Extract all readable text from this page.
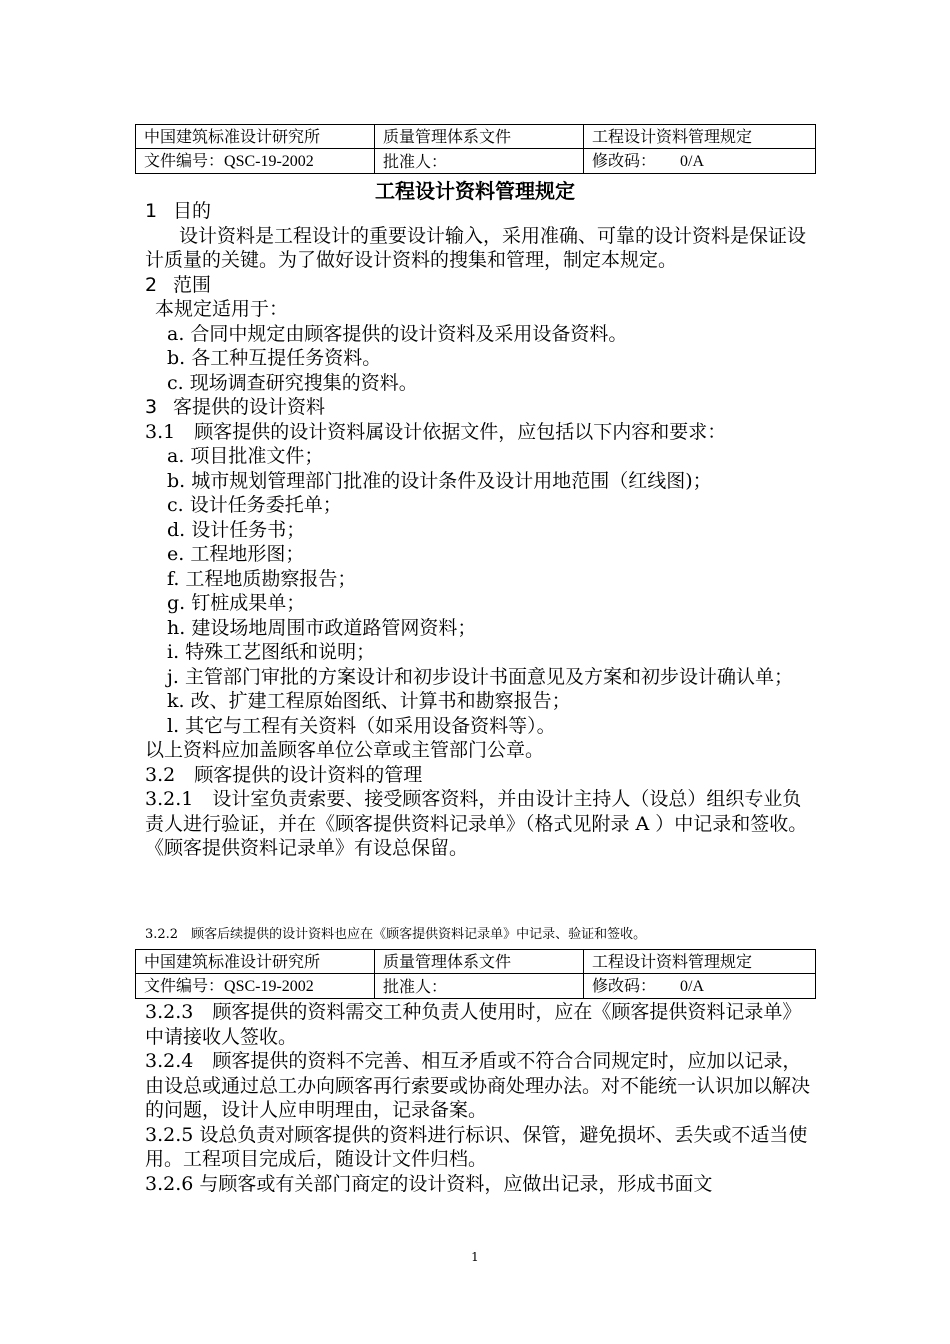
中国建筑标准设计研究所	质量管理体系文件	工程设计资料管理规定
文件编号：QSC-19-2002	批准人：	修改码： 0/A
工程设计资料管理规定

1 目的

设计资料是工程设计的重要设计输入，采用准确、可靠的设计资料是保证设计质量的关键。为了做好设计资料的搜集和管理，制定本规定。

2 范围

本规定适用于：

a. 合同中规定由顾客提供的设计资料及采用设备资料。

b. 各工种互提任务资料。

c. 现场调查研究搜集的资料。

3 客提供的设计资料

3.1　顾客提供的设计资料属设计依据文件，应包括以下内容和要求：

a. 项目批准文件；

b. 城市规划管理部门批准的设计条件及设计用地范围（红线图)；

c. 设计任务委托单；

d. 设计任务书；

e. 工程地形图；

f. 工程地质勘察报告；

g. 钉桩成果单；

h. 建设场地周围市政道路管网资料；

i. 特殊工艺图纸和说明；

j. 主管部门审批的方案设计和初步设计书面意见及方案和初步设计确认单；

k. 改、扩建工程原始图纸、计算书和勘察报告；

l. 其它与工程有关资料（如采用设备资料等）。

以上资料应加盖顾客单位公章或主管部门公章。

3.2　顾客提供的设计资料的管理

3.2.1　设计室负责索要、接受顾客资料，并由设计主持人（设总）组织专业负责人进行验证，并在《顾客提供资料记录单》（格式见附录 A ）中记录和签收。《顾客提供资料记录单》有设总保留。

3.2.2　顾客后续提供的设计资料也应在《顾客提供资料记录单》中记录、验证和签收。
中国建筑标准设计研究所	质量管理体系文件	工程设计资料管理规定
文件编号：QSC-19-2002	批准人：	修改码： 0/A

3.2.3　顾客提供的资料需交工种负责人使用时，应在《顾客提供资料记录单》中请接收人签收。

3.2.4　顾客提供的资料不完善、相互矛盾或不符合合同规定时，应加以记录，由设总或通过总工办向顾客再行索要或协商处理办法。对不能统一认识加以解决的问题，设计人应申明理由，记录备案。

3.2.5 设总负责对顾客提供的资料进行标识、保管，避免损坏、丢失或不适当使用。工程项目完成后，随设计文件归档。

3.2.6 与顾客或有关部门商定的设计资料，应做出记录，形成书面文

1
